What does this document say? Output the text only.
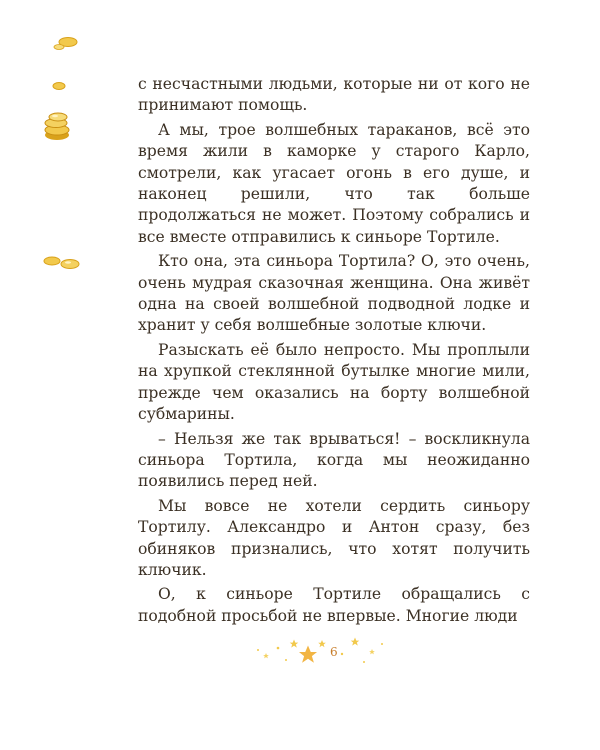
с несчастными людьми, которые ни от кого не принимают помощь.

А мы, трое волшебных тараканов, всё это время жили в каморке у старого Карло, смотрели, как угасает огонь в его душе, и наконец решили, что так больше продолжаться не может. Поэтому собрались и все вместе отправились к синьоре Тортиле.

Кто она, эта синьора Тортила? О, это очень, очень мудрая сказочная женщина. Она живёт одна на своей волшебной подводной лодке и хранит у себя волшебные золотые ключи.

Разыскать её было непросто. Мы проплыли на хрупкой стеклянной бутылке многие мили, прежде чем оказались на борту волшебной субмарины.

– Нельзя же так врываться! – воскликнула синьора Тортила, когда мы неожиданно появились перед ней.

Мы вовсе не хотели сердить синьору Тортилу. Александро и Антон сразу, без обиняков признались, что хотят получить ключик.

О, к синьоре Тортиле обращались с подобной просьбой не впервые. Многие люди

6
